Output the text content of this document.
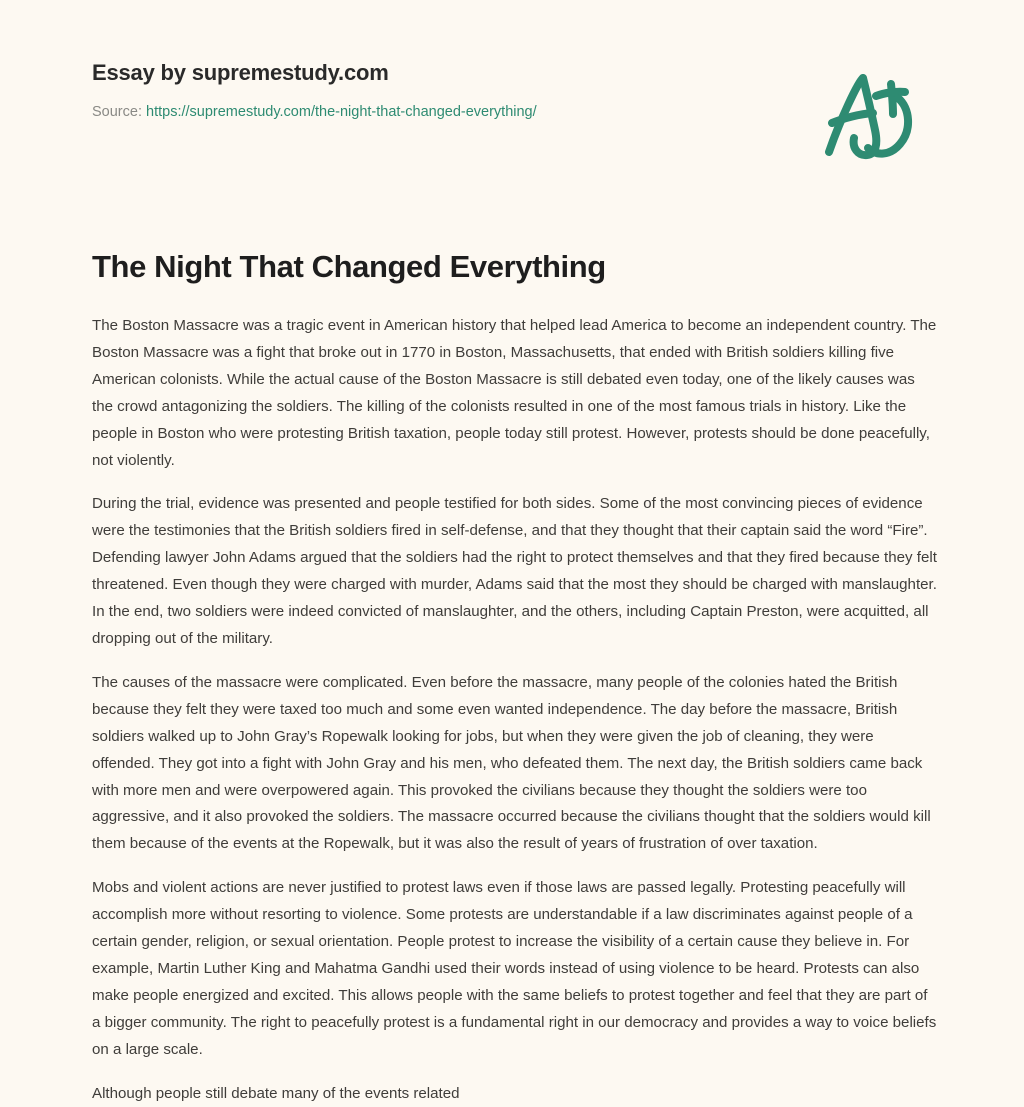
Essay by supremestudy.com
Source: https://supremestudy.com/the-night-that-changed-everything/
The Night That Changed Everything

The Boston Massacre was a tragic event in American history that helped lead America to become an independent country. The Boston Massacre was a fight that broke out in 1770 in Boston, Massachusetts, that ended with British soldiers killing five American colonists. While the actual cause of the Boston Massacre is still debated even today, one of the likely causes was the crowd antagonizing the soldiers. The killing of the colonists resulted in one of the most famous trials in history. Like the people in Boston who were protesting British taxation, people today still protest. However, protests should be done peacefully, not violently.

During the trial, evidence was presented and people testified for both sides. Some of the most convincing pieces of evidence were the testimonies that the British soldiers fired in self-defense, and that they thought that their captain said the word “Fire”. Defending lawyer John Adams argued that the soldiers had the right to protect themselves and that they fired because they felt threatened. Even though they were charged with murder, Adams said that the most they should be charged with manslaughter. In the end, two soldiers were indeed convicted of manslaughter, and the others, including Captain Preston, were acquitted, all dropping out of the military.

The causes of the massacre were complicated. Even before the massacre, many people of the colonies hated the British because they felt they were taxed too much and some even wanted independence. The day before the massacre, British soldiers walked up to John Gray’s Ropewalk looking for jobs, but when they were given the job of cleaning, they were offended. They got into a fight with John Gray and his men, who defeated them. The next day, the British soldiers came back with more men and were overpowered again. This provoked the civilians because they thought the soldiers were too aggressive, and it also provoked the soldiers. The massacre occurred because the civilians thought that the soldiers would kill them because of the events at the Ropewalk, but it was also the result of years of frustration of over taxation.

Mobs and violent actions are never justified to protest laws even if those laws are passed legally. Protesting peacefully will accomplish more without resorting to violence. Some protests are understandable if a law discriminates against people of a certain gender, religion, or sexual orientation. People protest to increase the visibility of a certain cause they believe in. For example, Martin Luther King and Mahatma Gandhi used their words instead of using violence to be heard. Protests can also make people energized and excited. This allows people with the same beliefs to protest together and feel that they are part of a bigger community. The right to peacefully protest is a fundamental right in our democracy and provides a way to voice beliefs on a large scale.

Although people still debate many of the events related
